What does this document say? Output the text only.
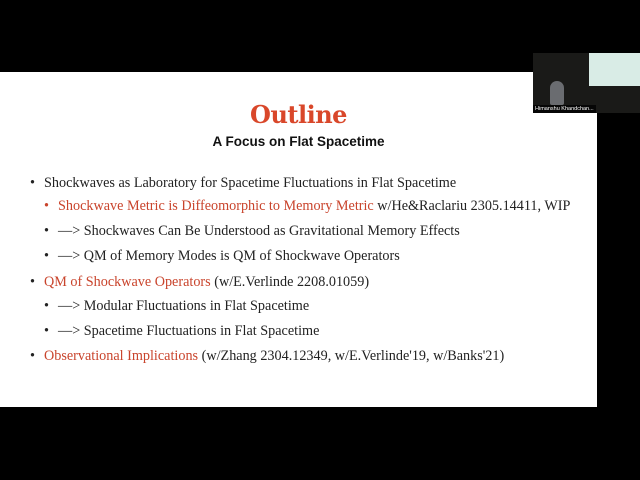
Outline
A Focus on Flat Spacetime
• Shockwaves as Laboratory for Spacetime Fluctuations in Flat Spacetime
• Shockwave Metric is Diffeomorphic to Memory Metric w/He&Raclariu 2305.14411, WIP
• —> Shockwaves Can Be Understood as Gravitational Memory Effects
• —> QM of Memory Modes is QM of Shockwave Operators
• QM of Shockwave Operators (w/E.Verlinde 2208.01059)
• —> Modular Fluctuations in Flat Spacetime
• —> Spacetime Fluctuations in Flat Spacetime
• Observational Implications (w/Zhang 2304.12349, w/E.Verlinde'19, w/Banks'21)
Himanshu Khandchan...
